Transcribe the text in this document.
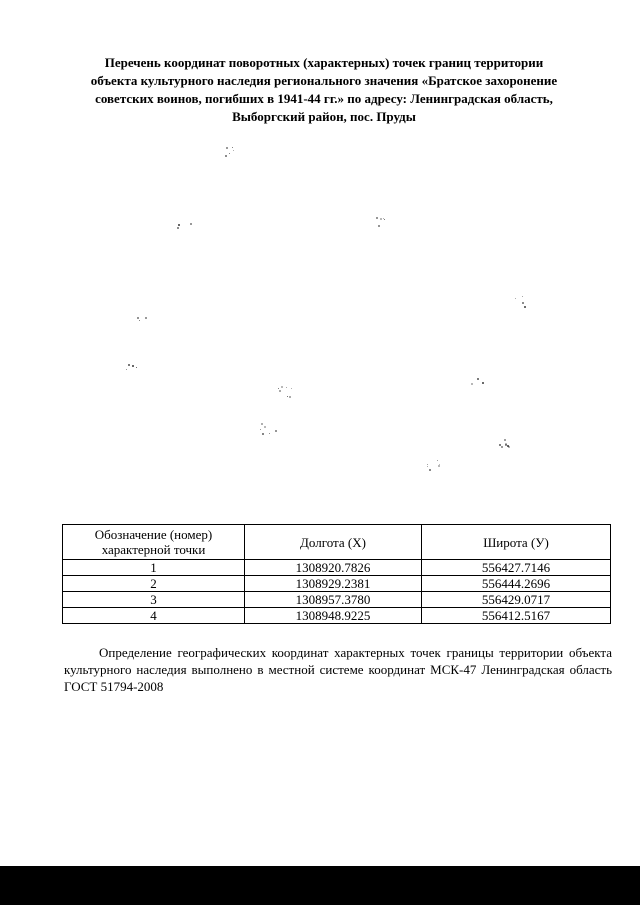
Перечень координат поворотных (характерных) точек границ территории
объекта культурного наследия регионального значения «Братское захоронение
советских воинов, погибших в 1941-44 гг.» по адресу: Ленинградская область,
Выборгский район, пос. Пруды
Обозначение (номер)
характерной точки	Долгота (Х)	Широта (У)
1	1308920.7826	556427.7146
2	1308929.2381	556444.2696
3	1308957.3780	556429.0717
4	1308948.9225	556412.5167

Определение географических координат характерных точек границы территории объекта культурного наследия выполнено в местной системе координат МСК-47 Ленинградская область ГОСТ 51794-2008
